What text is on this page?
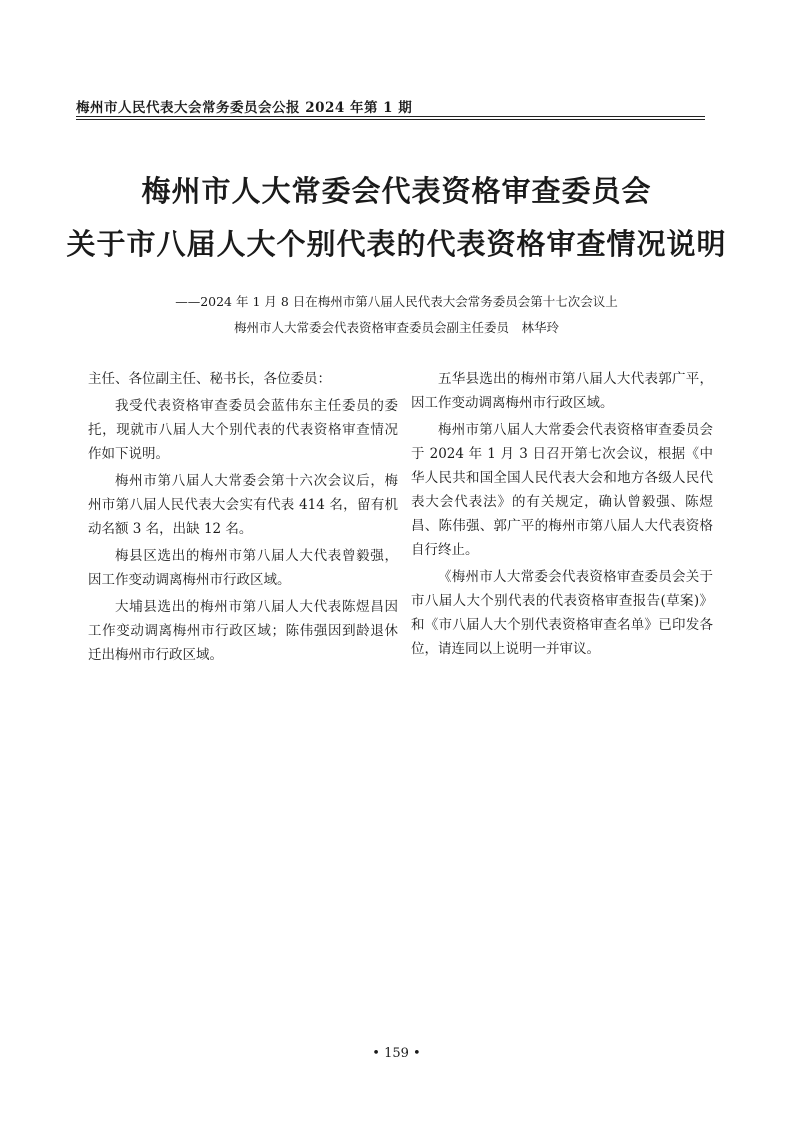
梅州市人民代表大会常务委员会公报 2024 年第 1 期
梅州市人大常委会代表资格审查委员会
关于市八届人大个别代表的代表资格审查情况说明
——2024 年 1 月 8 日在梅州市第八届人民代表大会常务委员会第十七次会议上
梅州市人大常委会代表资格审查委员会副主任委员　林华玲

主任、各位副主任、秘书长，各位委员：

我受代表资格审查委员会蓝伟东主任委员的委托，现就市八届人大个别代表的代表资格审查情况作如下说明。

梅州市第八届人大常委会第十六次会议后，梅州市第八届人民代表大会实有代表 414 名，留有机动名额 3 名，出缺 12 名。

梅县区选出的梅州市第八届人大代表曾毅强，因工作变动调离梅州市行政区域。

大埔县选出的梅州市第八届人大代表陈煜昌因工作变动调离梅州市行政区域；陈伟强因到龄退休迁出梅州市行政区域。

五华县选出的梅州市第八届人大代表郭广平，因工作变动调离梅州市行政区域。

梅州市第八届人大常委会代表资格审查委员会于 2024 年 1 月 3 日召开第七次会议，根据《中华人民共和国全国人民代表大会和地方各级人民代表大会代表法》的有关规定，确认曾毅强、陈煜昌、陈伟强、郭广平的梅州市第八届人大代表资格自行终止。

《梅州市人大常委会代表资格审查委员会关于市八届人大个别代表的代表资格审查报告(草案)》和《市八届人大个别代表资格审查名单》已印发各位，请连同以上说明一并审议。

• 159 •
